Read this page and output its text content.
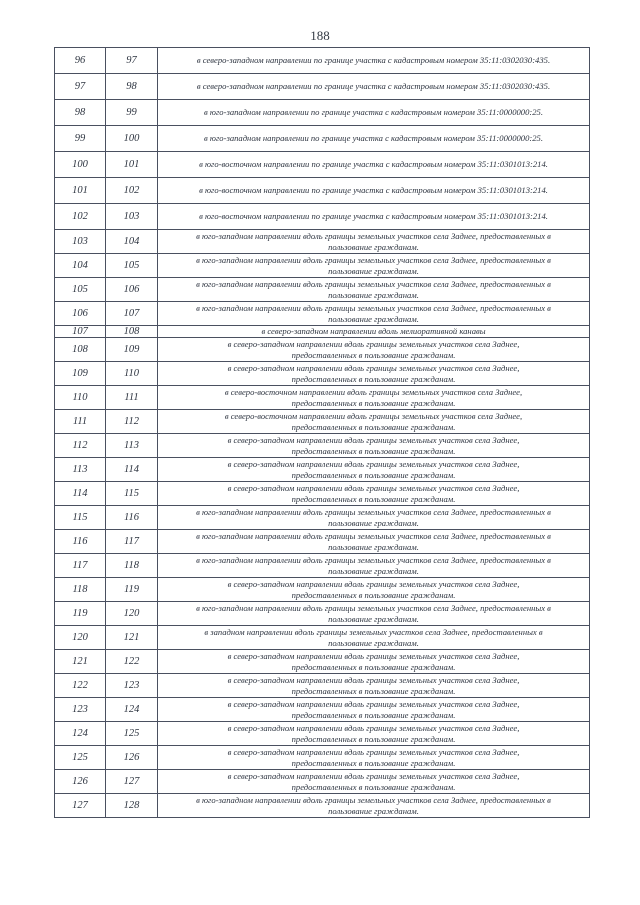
188
96	97	в северо-западном направлении по границе участка с кадастровым номером 35:11:0302030:435.

97	98	в северо-западном направлении по границе участка с кадастровым номером 35:11:0302030:435.

98	99	в юго-западном направлении по границе участка с кадастровым номером 35:11:0000000:25.

99	100	в юго-западном направлении по границе участка с кадастровым номером 35:11:0000000:25.

100	101	в юго-восточном направлении по границе участка с кадастровым номером 35:11:0301013:214.

101	102	в юго-восточном направлении по границе участка с кадастровым номером 35:11:0301013:214.

102	103	в юго-восточном направлении по границе участка с кадастровым номером 35:11:0301013:214.

103	104	в юго-западном направлении вдоль границы земельных участков села Заднее, предоставленных в
пользование гражданам.

104	105	в юго-западном направлении вдоль границы земельных участков села Заднее, предоставленных в
пользование гражданам.

105	106	в юго-западном направлении вдоль границы земельных участков села Заднее, предоставленных в
пользование гражданам.

106	107	в юго-западном направлении вдоль границы земельных участков села Заднее, предоставленных в
пользование гражданам.

107	108	в северо-западном направлении вдоль мелиоративной канавы

108	109	в северо-западном направлении вдоль границы земельных участков села Заднее,
предоставленных в пользование гражданам.

109	110	в северо-западном направлении вдоль границы земельных участков села Заднее,
предоставленных в пользование гражданам.

110	111	в северо-восточном направлении вдоль границы земельных участков села Заднее,
предоставленных в пользование гражданам.

111	112	в северо-восточном направлении вдоль границы земельных участков села Заднее,
предоставленных в пользование гражданам.

112	113	в северо-западном направлении вдоль границы земельных участков села Заднее,
предоставленных в пользование гражданам.

113	114	в северо-западном направлении вдоль границы земельных участков села Заднее,
предоставленных в пользование гражданам.

114	115	в северо-западном направлении вдоль границы земельных участков села Заднее,
предоставленных в пользование гражданам.

115	116	в юго-западном направлении вдоль границы земельных участков села Заднее, предоставленных в
пользование гражданам.

116	117	в юго-западном направлении вдоль границы земельных участков села Заднее, предоставленных в
пользование гражданам.

117	118	в юго-западном направлении вдоль границы земельных участков села Заднее, предоставленных в
пользование гражданам.

118	119	в северо-западном направлении вдоль границы земельных участков села Заднее,
предоставленных в пользование гражданам.

119	120	в юго-западном направлении вдоль границы земельных участков села Заднее, предоставленных в
пользование гражданам.

120	121	в западном направлении вдоль границы земельных участков села Заднее, предоставленных в
пользование гражданам.

121	122	в северо-западном направлении вдоль границы земельных участков села Заднее,
предоставленных в пользование гражданам.

122	123	в северо-западном направлении вдоль границы земельных участков села Заднее,
предоставленных в пользование гражданам.

123	124	в северо-западном направлении вдоль границы земельных участков села Заднее,
предоставленных в пользование гражданам.

124	125	в северо-западном направлении вдоль границы земельных участков села Заднее,
предоставленных в пользование гражданам.

125	126	в северо-западном направлении вдоль границы земельных участков села Заднее,
предоставленных в пользование гражданам.

126	127	в северо-западном направлении вдоль границы земельных участков села Заднее,
предоставленных в пользование гражданам.

127	128	в юго-западном направлении вдоль границы земельных участков села Заднее, предоставленных в
пользование гражданам.
